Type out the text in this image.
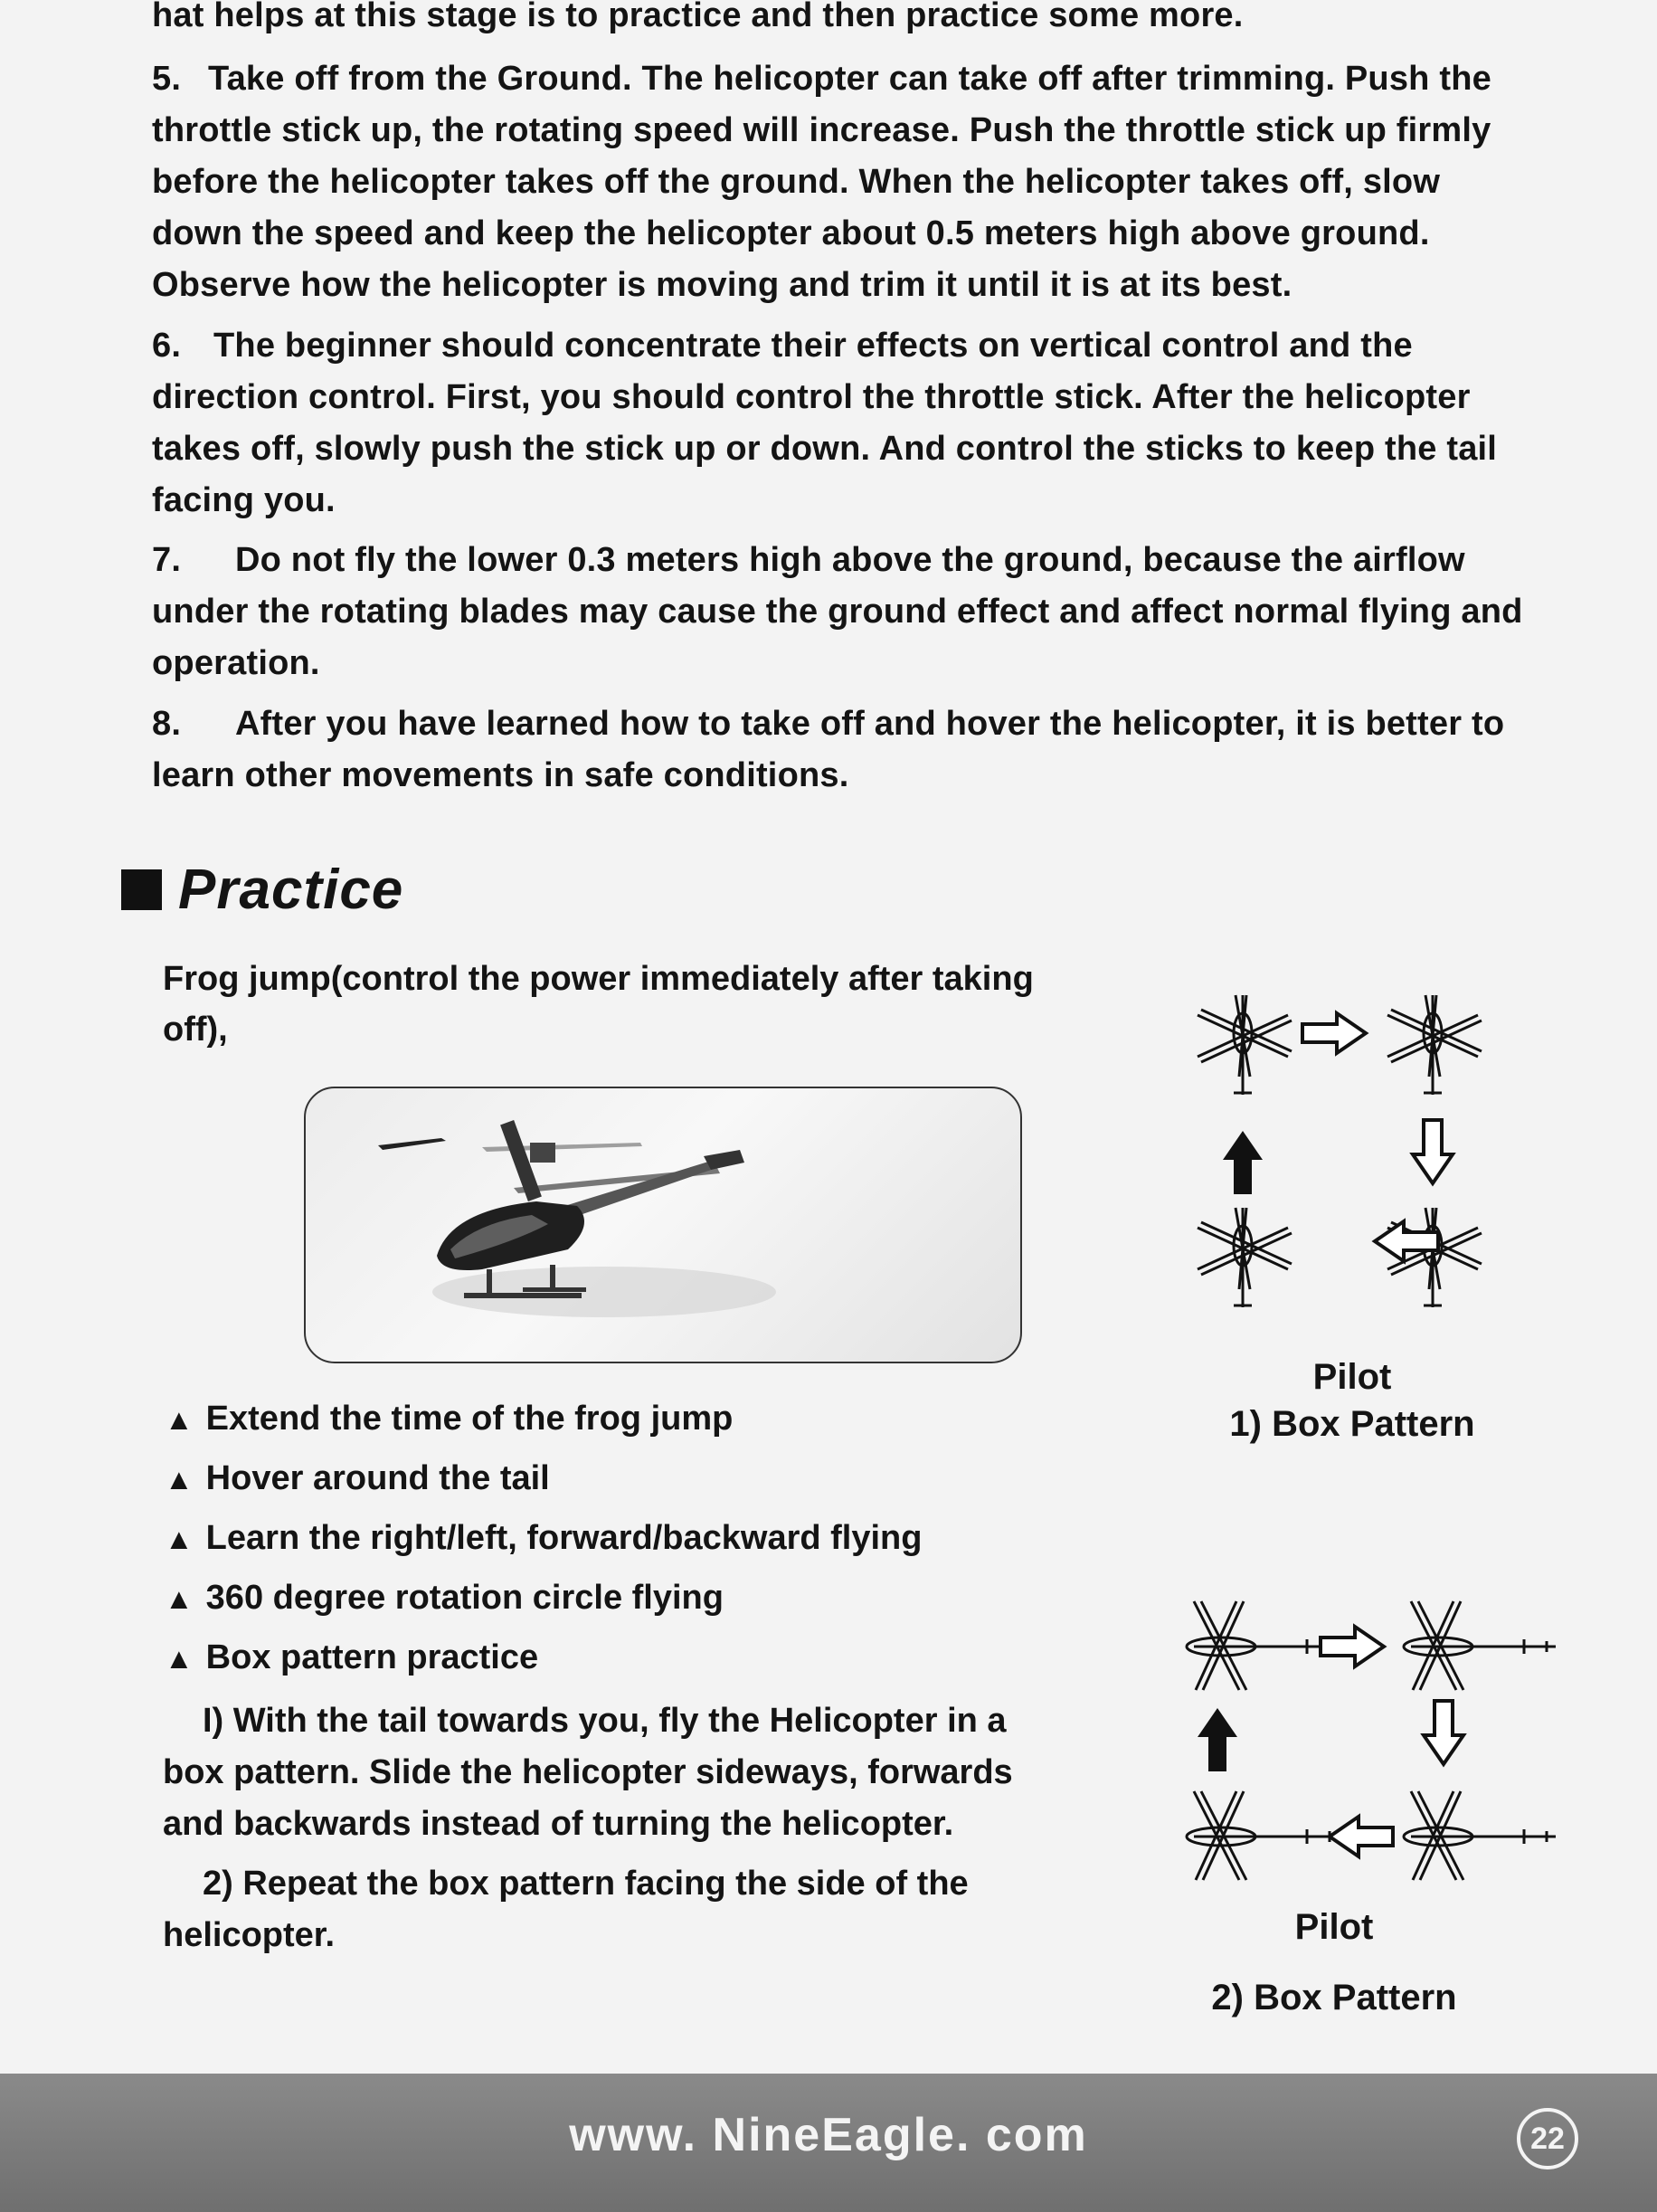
hat helps at this stage is to practice and then practice some more.

5. Take off from the Ground. The helicopter can take off after trimming. Push the throttle stick up, the rotating speed will increase. Push the throttle stick up firmly before the helicopter takes off the ground. When the helicopter takes off, slow down the speed and keep the helicopter about 0.5 meters high above ground. Observe how the helicopter is moving and trim it until it is at its best.

6. The beginner should concentrate their effects on vertical control and the direction control. First, you should control the throttle stick. After the helicopter takes off, slowly push the stick up or down. And control the sticks to keep the tail facing you.

7. Do not fly the lower 0.3 meters high above the ground, because the airflow under the rotating blades may cause the ground effect and affect normal flying and operation.

8. After you have learned how to take off and hover the helicopter, it is better to learn other movements in safe conditions.

Practice

Frog jump(control the power immediately after taking off),

▲ Extend the time of the frog jump

▲ Hover around the tail

▲ Learn the right/left, forward/backward flying

▲ 360 degree rotation circle flying

▲ Box pattern practice

I) With the tail towards you, fly the Helicopter in a box pattern. Slide the helicopter sideways, forwards and backwards instead of turning the helicopter.

2) Repeat the box pattern facing the side of the helicopter.

Pilot

1) Box Pattern

Pilot

2) Box Pattern

www. NineEagle. com	22
